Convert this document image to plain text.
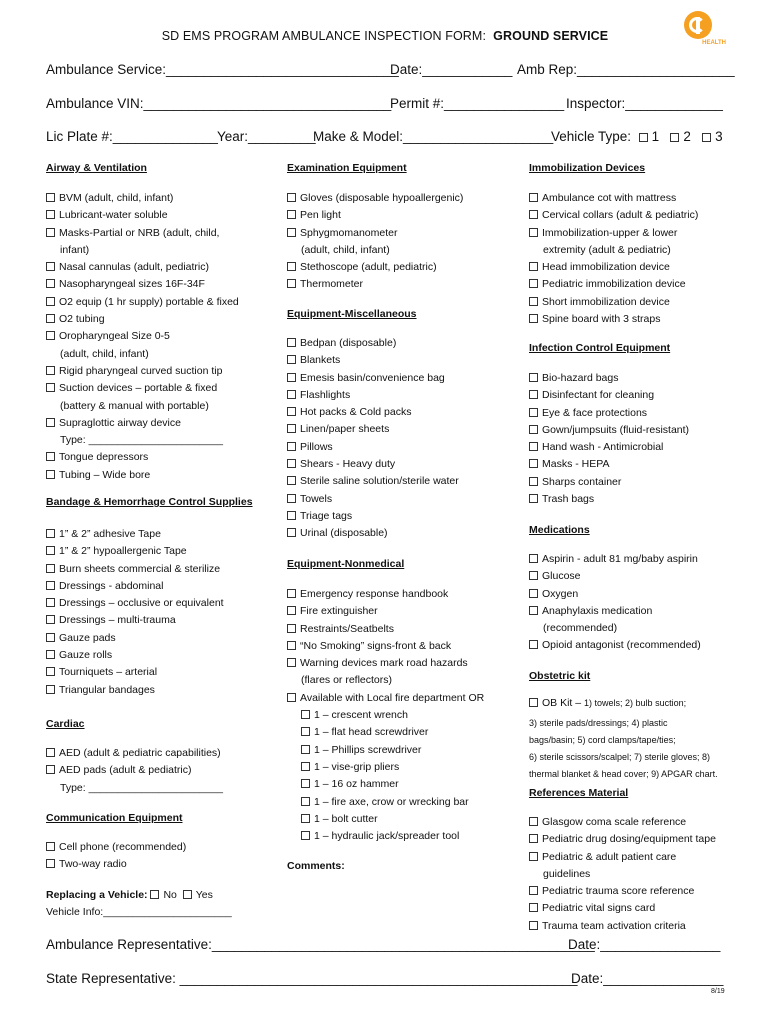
SD EMS PROGRAM AMBULANCE INSPECTION FORM: GROUND SERVICE	HEALTH
Ambulance Service:_______________________________
Date:____________ Amb Rep:_____________________
Ambulance VIN:_________________________________
Permit #:________________ Inspector:_____________
Lic Plate #:______________ Year:_________
Make & Model:____________________
Vehicle Type: 1 2 3
Airway & Ventilation
BVM (adult, child, infant)
Lubricant-water soluble
Masks-Partial or NRB (adult, child,
infant)
Nasal cannulas (adult, pediatric)
Nasopharyngeal sizes 16F-34F
O2 equip (1 hr supply) portable & fixed
O2 tubing
Oropharyngeal Size 0-5
(adult, child, infant)
Rigid pharyngeal curved suction tip
Suction devices – portable & fixed
(battery & manual with portable)
Supraglottic airway device
Type: _______________________
Tongue depressors
Tubing – Wide bore
Bandage & Hemorrhage Control Supplies
1” & 2” adhesive Tape
1” & 2” hypoallergenic Tape
Burn sheets commercial & sterilize
Dressings - abdominal
Dressings – occlusive or equivalent
Dressings – multi-trauma
Gauze pads
Gauze rolls
Tourniquets – arterial
Triangular bandages
Cardiac
AED (adult & pediatric capabilities)
AED pads (adult & pediatric)
Type: _______________________
Communication Equipment
Cell phone (recommended)
Two-way radio
Replacing a Vehicle: No Yes
Vehicle Info:______________________
Examination Equipment
Gloves (disposable hypoallergenic)
Pen light
Sphygmomanometer
(adult, child, infant)
Stethoscope (adult, pediatric)
Thermometer
Equipment-Miscellaneous
Bedpan (disposable)
Blankets
Emesis basin/convenience bag
Flashlights
Hot packs & Cold packs
Linen/paper sheets
Pillows
Shears - Heavy duty
Sterile saline solution/sterile water
Towels
Triage tags
Urinal (disposable)
Equipment-Nonmedical
Emergency response handbook
Fire extinguisher
Restraints/Seatbelts
“No Smoking” signs-front & back
Warning devices mark road hazards
(flares or reflectors)
Available with Local fire department OR
1 – crescent wrench
1 – flat head screwdriver
1 – Phillips screwdriver
1 – vise-grip pliers
1 – 16 oz hammer
1 – fire axe, crow or wrecking bar
1 – bolt cutter
1 – hydraulic jack/spreader tool
Comments:
Immobilization Devices
Ambulance cot with mattress
Cervical collars (adult & pediatric)
Immobilization-upper & lower
extremity (adult & pediatric)
Head immobilization device
Pediatric immobilization device
Short immobilization device
Spine board with 3 straps
Infection Control Equipment
Bio-hazard bags
Disinfectant for cleaning
Eye & face protections
Gown/jumpsuits (fluid-resistant)
Hand wash - Antimicrobial
Masks - HEPA
Sharps container
Trash bags
Medications
Aspirin - adult 81 mg/baby aspirin
Glucose
Oxygen
Anaphylaxis medication
(recommended)
Opioid antagonist (recommended)
Obstetric kit
OB Kit – 1) towels; 2) bulb suction;
3) sterile pads/dressings; 4) plastic
bags/basin; 5) cord clamps/tape/ties;
6) sterile scissors/scalpel; 7) sterile gloves; 8)
thermal blanket & head cover; 9) APGAR chart.
References Material
Glasgow coma scale reference
Pediatric drug dosing/equipment tape
Pediatric & adult patient care
guidelines
Pediatric trauma score reference
Pediatric vital signs card
Trauma team activation criteria
Ambulance Representative:___________________________________________________
Date:________________
State Representative: _____________________________________________________
Date:________________
8/19
